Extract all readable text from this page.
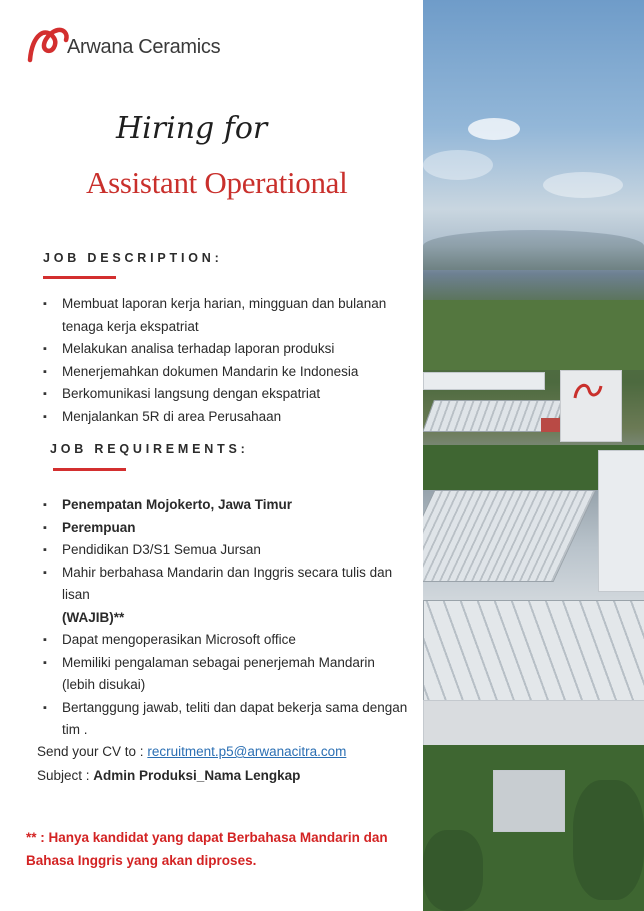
Arwana Ceramics
Hiring for
Assistant Operational
JOB DESCRIPTION:
▪ Membuat laporan kerja harian, mingguan dan bulanan tenaga kerja ekspatriat
▪ Melakukan analisa terhadap laporan produksi
▪ Menerjemahkan dokumen Mandarin ke Indonesia
▪ Berkomunikasi langsung dengan ekspatriat
▪ Menjalankan 5R di area Perusahaan
JOB REQUIREMENTS:
▪ Penempatan Mojokerto, Jawa Timur
▪ Perempuan
▪ Pendidikan D3/S1 Semua Jursan
▪ Mahir berbahasa Mandarin dan Inggris secara tulis dan lisan
(WAJIB)**
▪ Dapat mengoperasikan Microsoft office
▪ Memiliki pengalaman sebagai penerjemah Mandarin (lebih disukai)
▪ Bertanggung jawab, teliti dan dapat bekerja sama dengan tim .
Send your CV to : recruitment.p5@arwanacitra.com
Subject : Admin Produksi_Nama Lengkap
** : Hanya kandidat yang dapat Berbahasa Mandarin dan Bahasa Inggris yang akan diproses.
